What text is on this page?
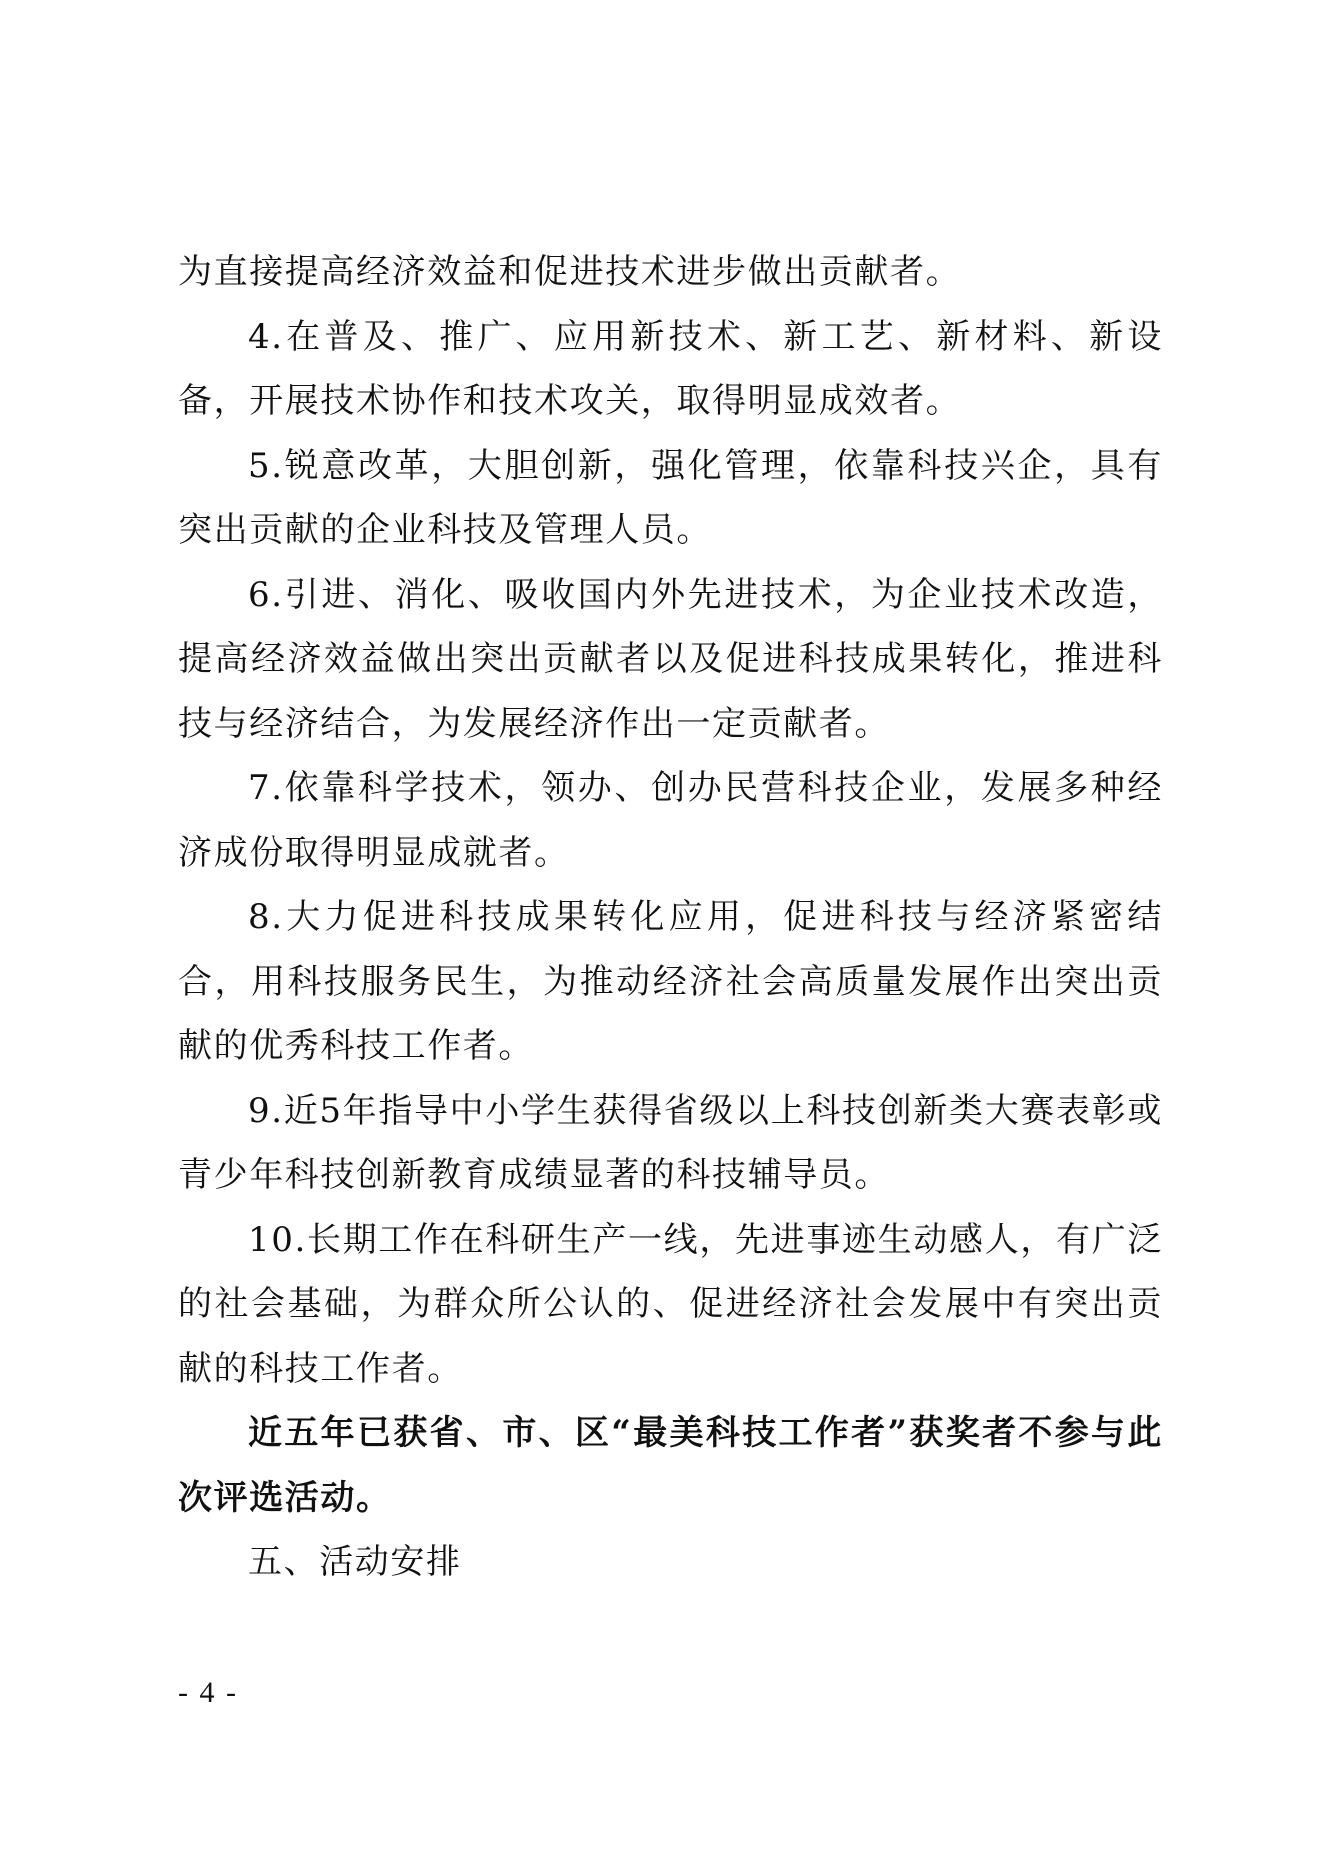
为直接提高经济效益和促进技术进步做出贡献者。

4.在普及、推广、应用新技术、新工艺、新材料、新设备，开展技术协作和技术攻关，取得明显成效者。

5.锐意改革，大胆创新，强化管理，依靠科技兴企，具有突出贡献的企业科技及管理人员。

6.引进、消化、吸收国内外先进技术，为企业技术改造，提高经济效益做出突出贡献者以及促进科技成果转化，推进科技与经济结合，为发展经济作出一定贡献者。

7.依靠科学技术，领办、创办民营科技企业，发展多种经济成份取得明显成就者。

8.大力促进科技成果转化应用，促进科技与经济紧密结合，用科技服务民生，为推动经济社会高质量发展作出突出贡献的优秀科技工作者。

9.近5年指导中小学生获得省级以上科技创新类大赛表彰或青少年科技创新教育成绩显著的科技辅导员。

10.长期工作在科研生产一线，先进事迹生动感人，有广泛的社会基础，为群众所公认的、促进经济社会发展中有突出贡献的科技工作者。

近五年已获省、市、区“最美科技工作者”获奖者不参与此次评选活动。

五、活动安排

- 4 -
